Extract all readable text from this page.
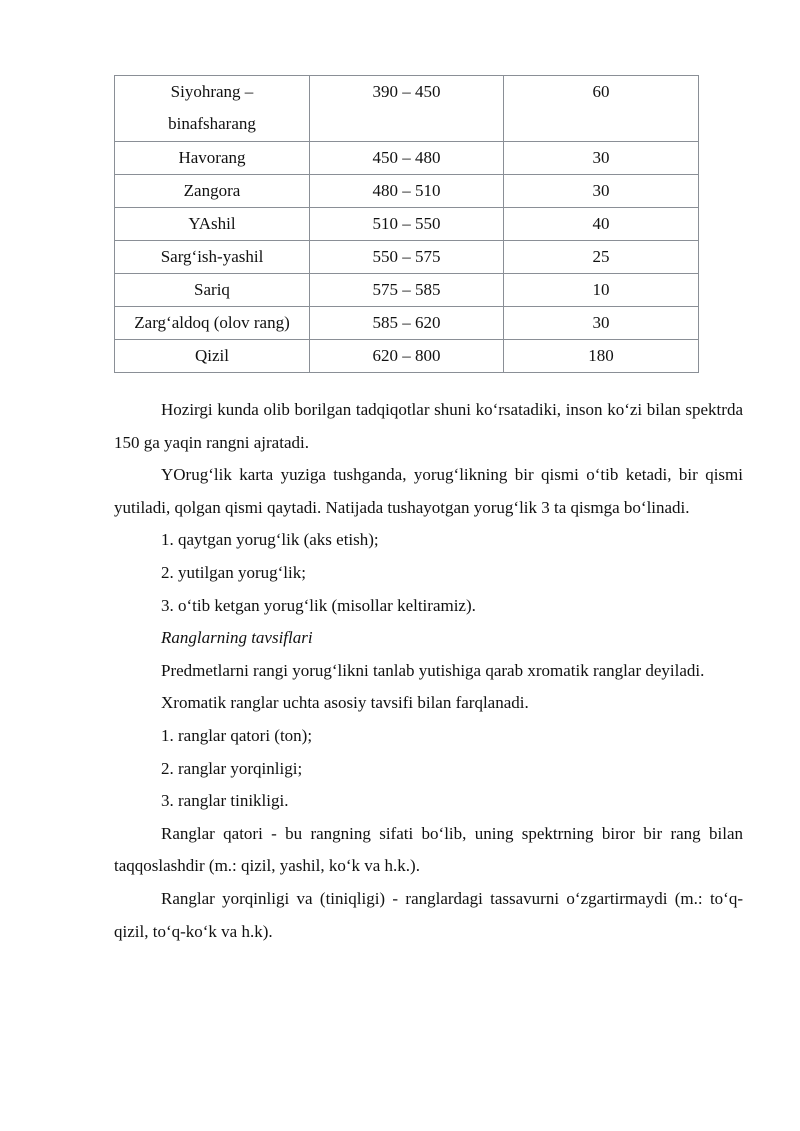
Siyohrang –
binafsharang	390 – 450	60
Havorang	450 – 480	30
Zangora	480 – 510	30
YAshil	510 – 550	40
Sarg‘ish-yashil	550 – 575	25
Sariq	575 – 585	10
Zarg‘aldoq (olov rang)	585 – 620	30
Qizil	620 – 800	180

Hozirgi kunda olib borilgan tadqiqotlar shuni ko‘rsatadiki, inson ko‘zi bilan spektrda 150 ga yaqin rangni ajratadi.

YOrug‘lik karta yuziga tushganda, yorug‘likning bir qismi o‘tib ketadi, bir qismi yutiladi, qolgan qismi qaytadi. Natijada tushayotgan yorug‘lik 3 ta qismga bo‘linadi.

1. qaytgan yorug‘lik (aks etish);

2. yutilgan yorug‘lik;

3. o‘tib ketgan yorug‘lik (misollar keltiramiz).

Ranglarning tavsiflari

Predmetlarni rangi yorug‘likni tanlab yutishiga qarab xromatik ranglar deyiladi.

Xromatik ranglar uchta asosiy tavsifi bilan farqlanadi.

1. ranglar qatori (ton);

2. ranglar yorqinligi;

3. ranglar tinikligi.

Ranglar qatori - bu rangning sifati bo‘lib, uning spektrning biror bir rang bilan taqqoslashdir (m.: qizil, yashil, ko‘k va h.k.).

Ranglar yorqinligi va (tiniqligi) - ranglardagi tassavurni o‘zgartirmaydi (m.: to‘q-qizil, to‘q-ko‘k va h.k).
